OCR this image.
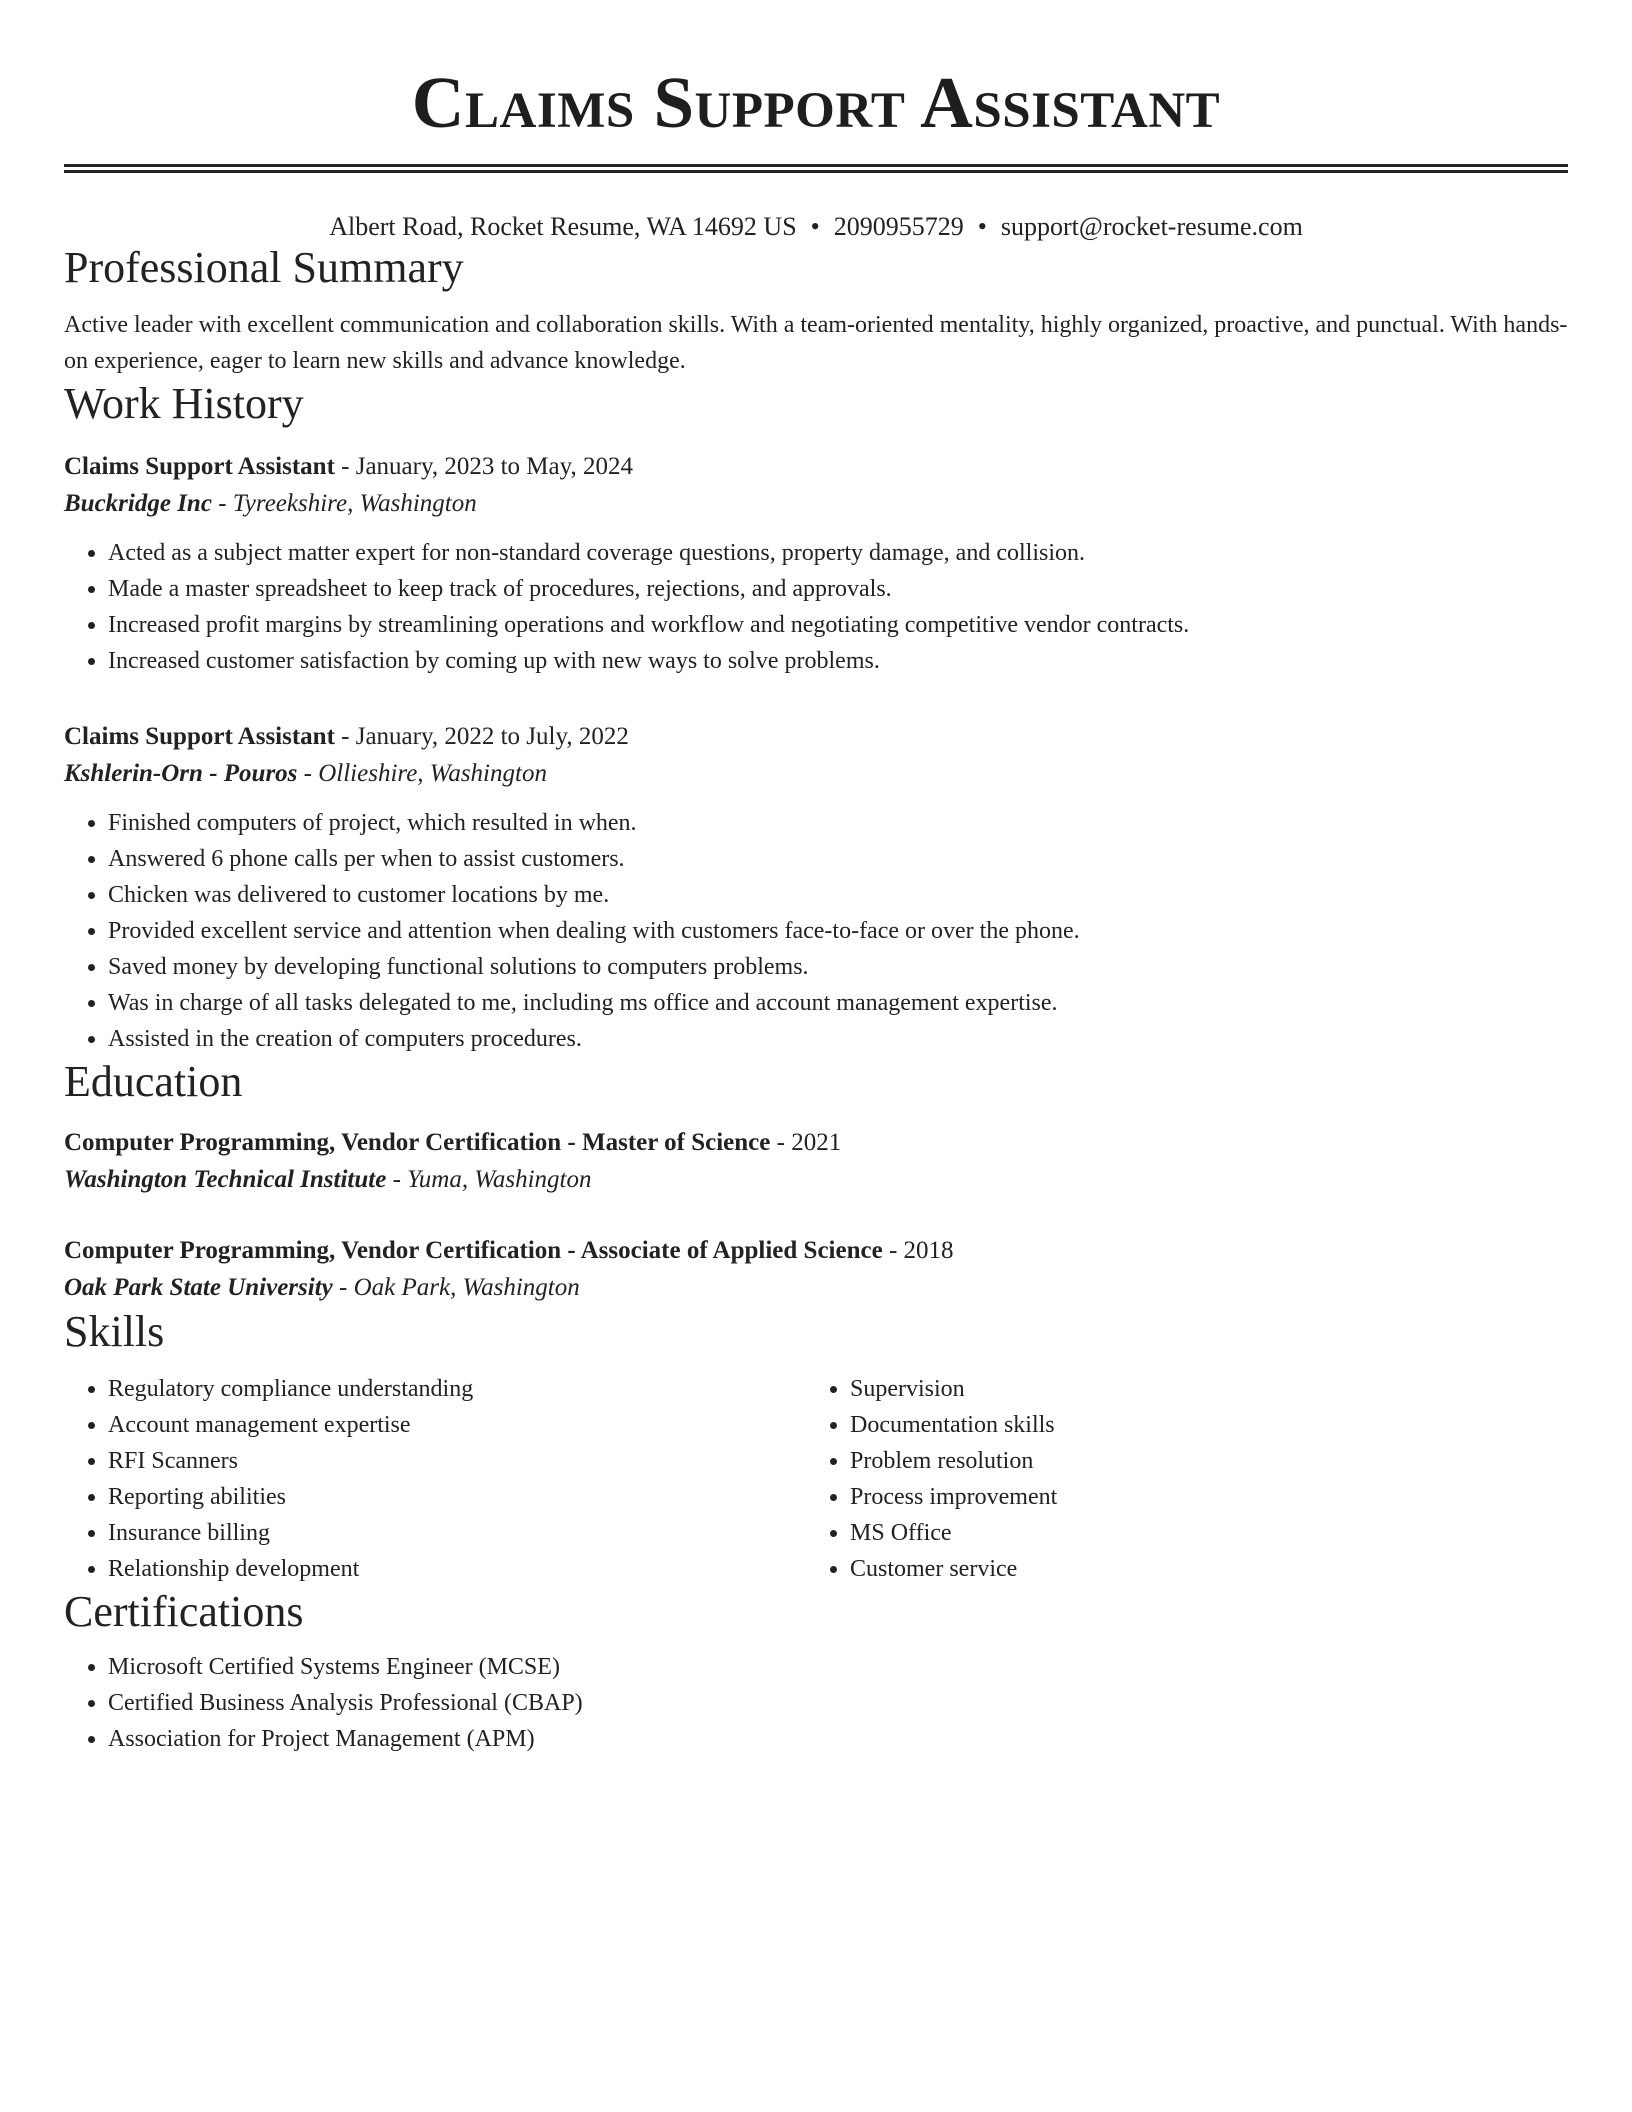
Claims Support Assistant
Albert Road, Rocket Resume, WA 14692 US • 2090955729 • support@rocket-resume.com
Professional Summary

Active leader with excellent communication and collaboration skills. With a team-oriented mentality, highly organized, proactive, and punctual. With hands-on experience, eager to learn new skills and advance knowledge.

Work History
Claims Support Assistant - January, 2023 to May, 2024
Buckridge Inc - Tyreekshire, Washington
• Acted as a subject matter expert for non-standard coverage questions, property damage, and collision.
• Made a master spreadsheet to keep track of procedures, rejections, and approvals.
• Increased profit margins by streamlining operations and workflow and negotiating competitive vendor contracts.
• Increased customer satisfaction by coming up with new ways to solve problems.
Claims Support Assistant - January, 2022 to July, 2022
Kshlerin-Orn - Pouros - Ollieshire, Washington
• Finished computers of project, which resulted in when.
• Answered 6 phone calls per when to assist customers.
• Chicken was delivered to customer locations by me.
• Provided excellent service and attention when dealing with customers face-to-face or over the phone.
• Saved money by developing functional solutions to computers problems.
• Was in charge of all tasks delegated to me, including ms office and account management expertise.
• Assisted in the creation of computers procedures.
Education
Computer Programming, Vendor Certification - Master of Science - 2021
Washington Technical Institute - Yuma, Washington
Computer Programming, Vendor Certification - Associate of Applied Science - 2018
Oak Park State University - Oak Park, Washington
Skills
• Regulatory compliance understanding
• Account management expertise
• RFI Scanners
• Reporting abilities
• Insurance billing
• Relationship development
• Supervision
• Documentation skills
• Problem resolution
• Process improvement
• MS Office
• Customer service
Certifications
• Microsoft Certified Systems Engineer (MCSE)
• Certified Business Analysis Professional (CBAP)
• Association for Project Management (APM)
